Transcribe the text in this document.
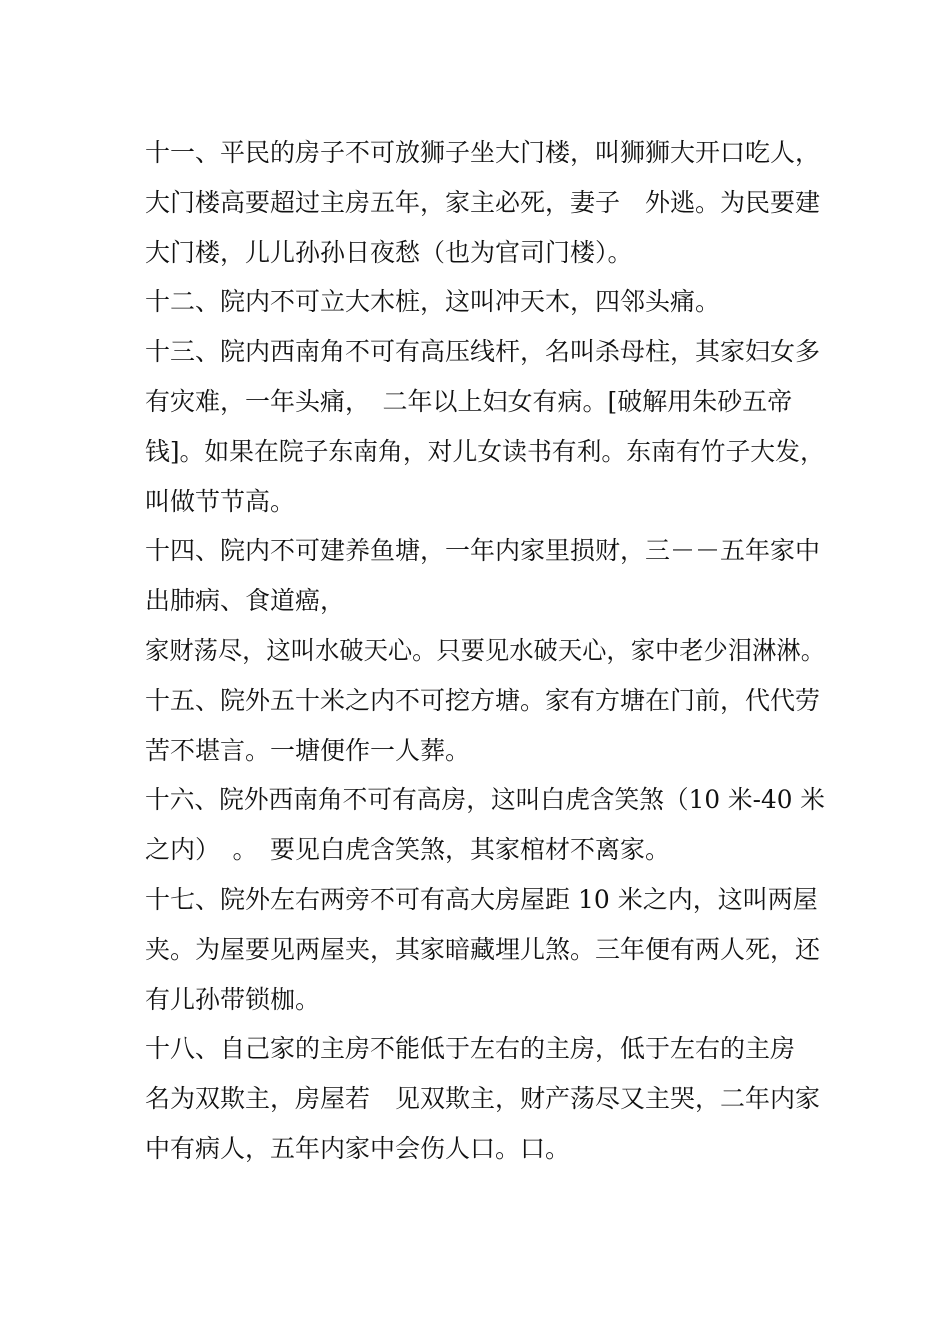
十一、平民的房子不可放狮子坐大门楼，叫狮狮大开口吃人，
大门楼高要超过主房五年，家主必死，妻子　外逃。为民要建
大门楼，儿儿孙孙日夜愁（也为官司门楼）。
十二、院内不可立大木桩，这叫冲天木，四邻头痛。
十三、院内西南角不可有高压线杆，名叫杀母柱，其家妇女多
有灾难，一年头痛，　二年以上妇女有病。[破解用朱砂五帝
钱]。如果在院子东南角，对儿女读书有利。东南有竹子大发，
叫做节节高。
十四、院内不可建养鱼塘，一年内家里损财，三－－五年家中
出肺病、食道癌，
家财荡尽，这叫水破天心。只要见水破天心，家中老少泪淋淋。
十五、院外五十米之内不可挖方塘。家有方塘在门前，代代劳
苦不堪言。一塘便作一人葬。
十六、院外西南角不可有高房，这叫白虎含笑煞（10 米-40 米
之内）　。　要见白虎含笑煞，其家棺材不离家。
十七、院外左右两旁不可有高大房屋距 10 米之内，这叫两屋
夹。为屋要见两屋夹，其家暗藏埋儿煞。三年便有两人死，还
有儿孙带锁枷。
十八、自己家的主房不能低于左右的主房，低于左右的主房
名为双欺主，房屋若　见双欺主，财产荡尽又主哭，二年内家
中有病人，五年内家中会伤人口。口。
